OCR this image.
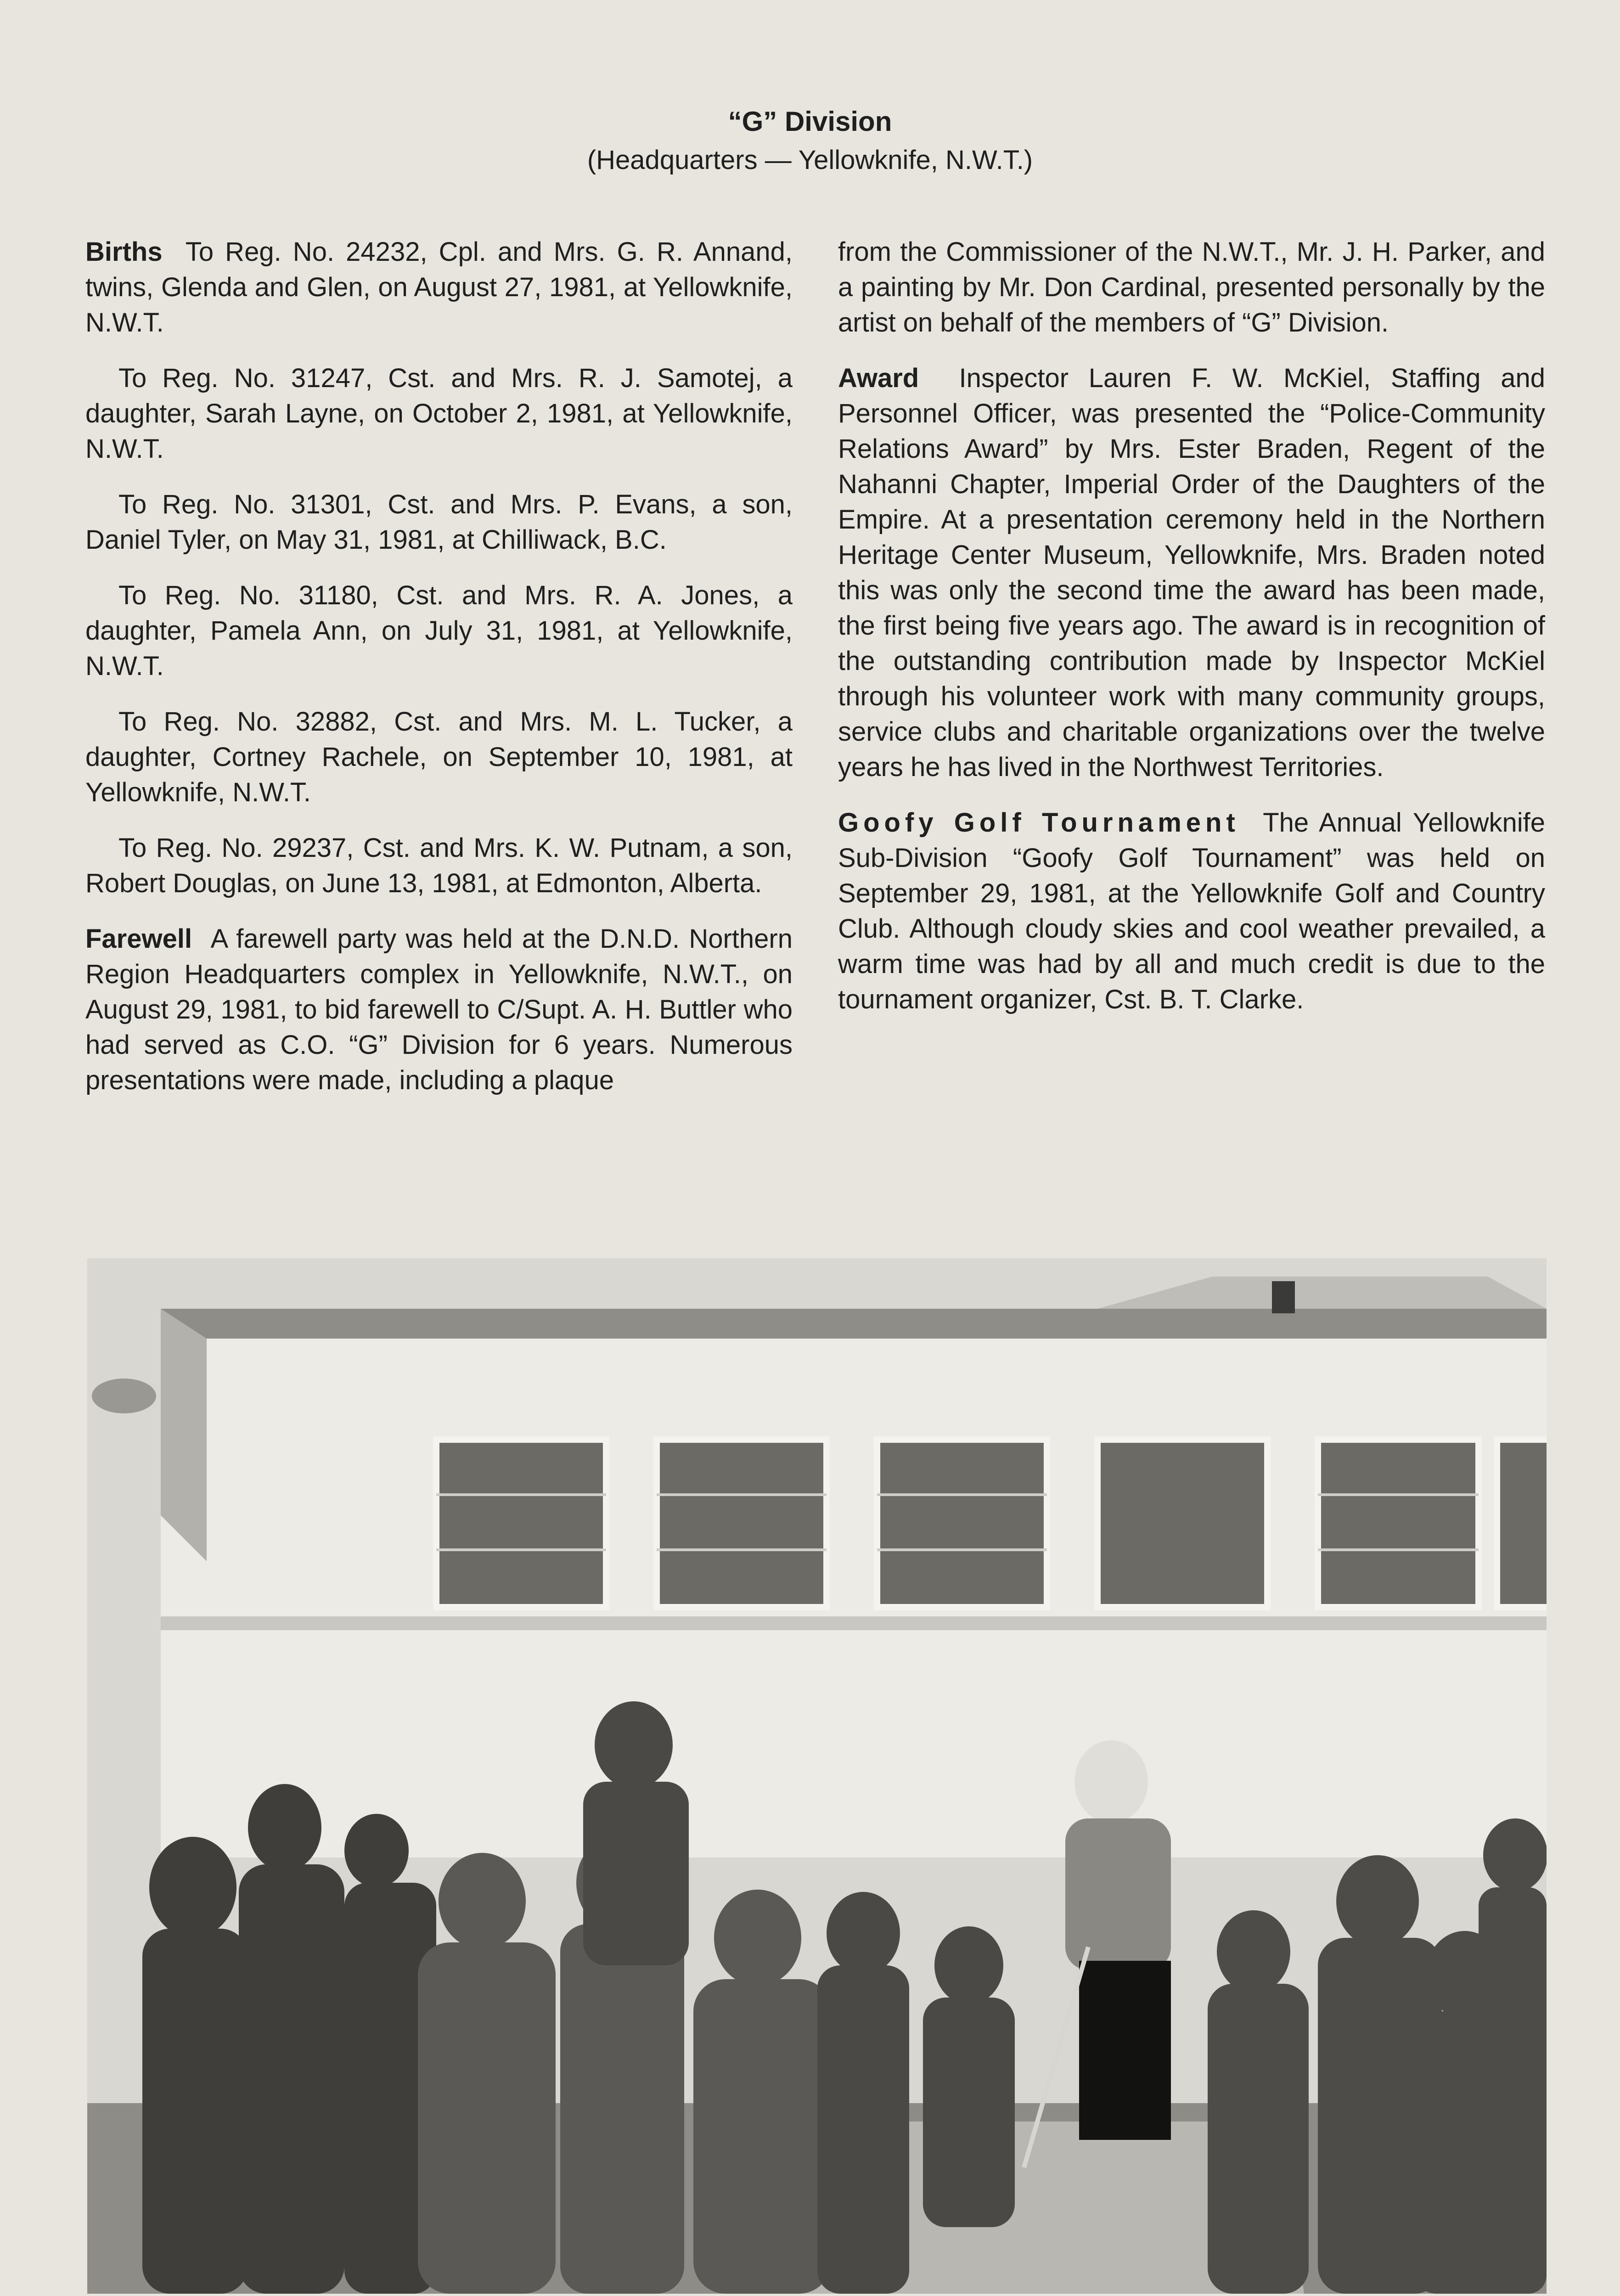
“G” Division
(Headquarters — Yellowknife, N.W.T.)

Births To Reg. No. 24232, Cpl. and Mrs. G. R. Annand, twins, Glenda and Glen, on August 27, 1981, at Yellowknife, N.W.T.

To Reg. No. 31247, Cst. and Mrs. R. J. Samotej, a daughter, Sarah Layne, on October 2, 1981, at Yellowknife, N.W.T.

To Reg. No. 31301, Cst. and Mrs. P. Evans, a son, Daniel Tyler, on May 31, 1981, at Chilliwack, B.C.

To Reg. No. 31180, Cst. and Mrs. R. A. Jones, a daughter, Pamela Ann, on July 31, 1981, at Yellowknife, N.W.T.

To Reg. No. 32882, Cst. and Mrs. M. L. Tucker, a daughter, Cortney Rachele, on September 10, 1981, at Yellowknife, N.W.T.

To Reg. No. 29237, Cst. and Mrs. K. W. Putnam, a son, Robert Douglas, on June 13, 1981, at Edmonton, Alberta.

Farewell A farewell party was held at the D.N.D. Northern Region Headquarters complex in Yellowknife, N.W.T., on August 29, 1981, to bid farewell to C/Supt. A. H. Buttler who had served as C.O. “G” Division for 6 years. Numerous presentations were made, including a plaque

from the Commissioner of the N.W.T., Mr. J. H. Parker, and a painting by Mr. Don Cardinal, presented personally by the artist on behalf of the members of “G” Division.

Award Inspector Lauren F. W. McKiel, Staffing and Personnel Officer, was presented the “Police-Community Relations Award” by Mrs. Ester Braden, Regent of the Nahanni Chapter, Imperial Order of the Daughters of the Empire. At a presentation ceremony held in the Northern Heritage Center Museum, Yellowknife, Mrs. Braden noted this was only the second time the award has been made, the first being five years ago. The award is in recognition of the outstanding contribution made by Inspector McKiel through his volunteer work with many community groups, service clubs and charitable organizations over the twelve years he has lived in the Northwest Territories.

Goofy Golf Tournament The Annual Yellowknife Sub-Division “Goofy Golf Tournament” was held on September 29, 1981, at the Yellowknife Golf and Country Club. Although cloudy skies and cool weather prevailed, a warm time was had by all and much credit is due to the tournament organizer, Cst. B. T. Clarke.
